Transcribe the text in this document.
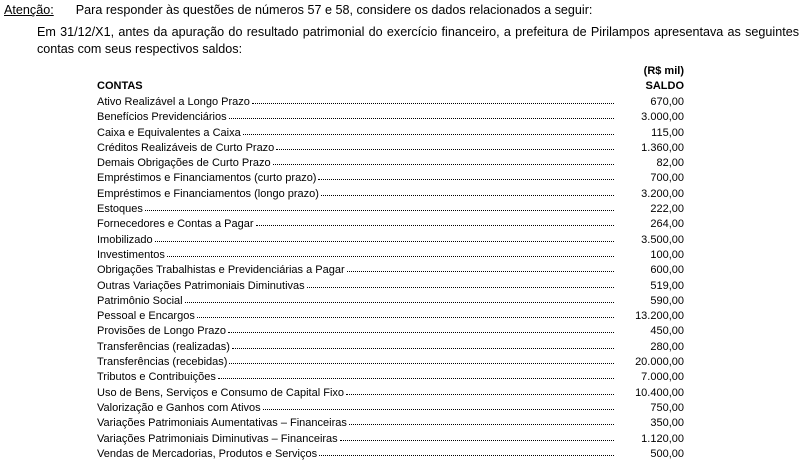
Atenção: Para responder às questões de números 57 e 58, considere os dados relacionados a seguir:
Em 31/12/X1, antes da apuração do resultado patrimonial do exercício financeiro, a prefeitura de Pirilampos apresentava as seguintes contas com seus respectivos saldos:
(R$ mil)
CONTAS	SALDO
Ativo Realizável a Longo Prazo	670,00
Benefícios Previdenciários	3.000,00
Caixa e Equivalentes a Caixa	115,00
Créditos Realizáveis de Curto Prazo	1.360,00
Demais Obrigações de Curto Prazo	82,00
Empréstimos e Financiamentos (curto prazo)	700,00
Empréstimos e Financiamentos (longo prazo)	3.200,00
Estoques	222,00
Fornecedores e Contas a Pagar	264,00
Imobilizado	3.500,00
Investimentos	100,00
Obrigações Trabalhistas e Previdenciárias a Pagar	600,00
Outras Variações Patrimoniais Diminutivas	519,00
Patrimônio Social	590,00
Pessoal e Encargos	13.200,00
Provisões de Longo Prazo	450,00
Transferências (realizadas)	280,00
Transferências (recebidas)	20.000,00
Tributos e Contribuições	7.000,00
Uso de Bens, Serviços e Consumo de Capital Fixo	10.400,00
Valorização e Ganhos com Ativos	750,00
Variações Patrimoniais Aumentativas – Financeiras	350,00
Variações Patrimoniais Diminutivas – Financeiras	1.120,00
Vendas de Mercadorias, Produtos e Serviços	500,00
